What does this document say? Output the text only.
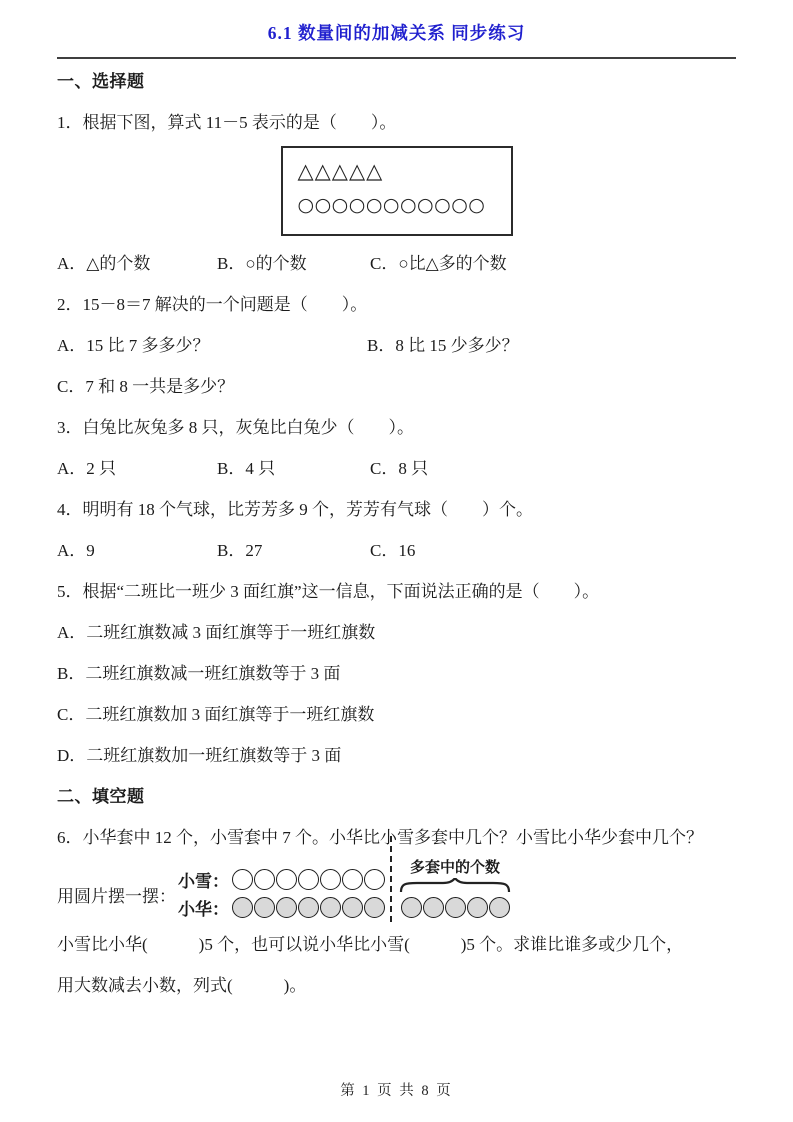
6.1 数量间的加减关系 同步练习
一、选择题

1．根据下图，算式 11－5 表示的是（　　）。

△△△△△
○○○○○○○○○○○
A．△的个数	B．○的个数	C．○比△多的个数

2．15－8＝7 解决的一个问题是（　　）。

A．15 比 7 多多少？	B．8 比 15 少多少？

C．7 和 8 一共是多少？

3．白兔比灰兔多 8 只，灰兔比白兔少（　　）。

A．2 只	B．4 只	C．8 只

4．明明有 18 个气球，比芳芳多 9 个，芳芳有气球（　　）个。

A．9	B．27	C．16

5．根据“二班比一班少 3 面红旗”这一信息，下面说法正确的是（　　）。

A．二班红旗数减 3 面红旗等于一班红旗数

B．二班红旗数减一班红旗数等于 3 面

C．二班红旗数加 3 面红旗等于一班红旗数

D．二班红旗数加一班红旗数等于 3 面

二、填空题

6．小华套中 12 个，小雪套中 7 个。小华比小雪多套中几个？小雪比小华少套中几个？

用圆片摆一摆：
小雪：
小华：
多套中的个数

小雪比小华(　　　)5 个，也可以说小华比小雪(　　　)5 个。求谁比谁多或少几个，

用大数减去小数，列式(　　　)。

第 1 页 共 8 页
